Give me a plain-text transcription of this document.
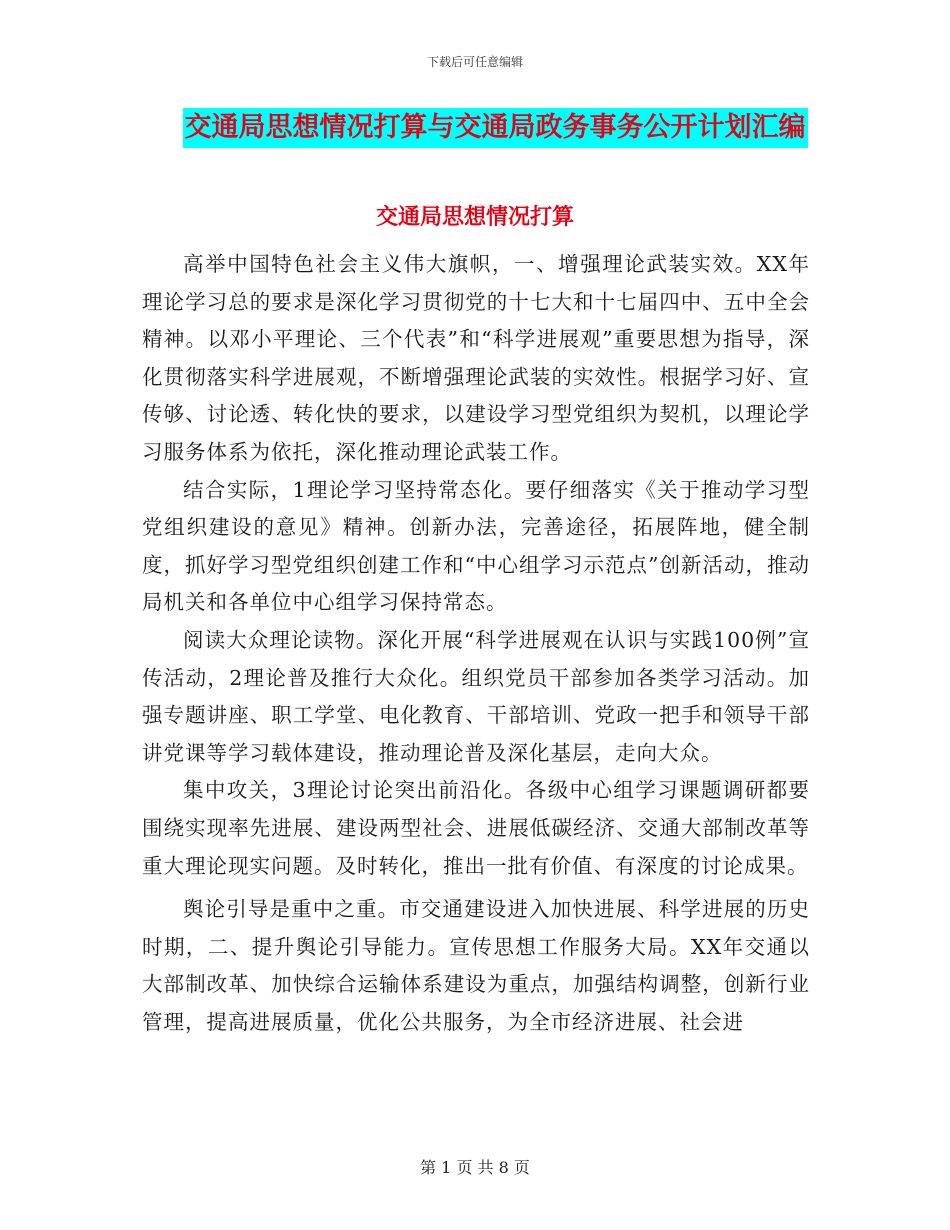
下载后可任意编辑
交通局思想情况打算与交通局政务事务公开计划汇编
交通局思想情况打算

高举中国特色社会主义伟大旗帜，一、增强理论武装实效。XX年理论学习总的要求是深化学习贯彻党的十七大和十七届四中、五中全会精神。以邓小平理论、三个代表”和“科学进展观”重要思想为指导，深化贯彻落实科学进展观，不断增强理论武装的实效性。根据学习好、宣传够、讨论透、转化快的要求，以建设学习型党组织为契机，以理论学习服务体系为依托，深化推动理论武装工作。

结合实际，1理论学习坚持常态化。要仔细落实《关于推动学习型党组织建设的意见》精神。创新办法，完善途径，拓展阵地，健全制度，抓好学习型党组织创建工作和“中心组学习示范点”创新活动，推动局机关和各单位中心组学习保持常态。

阅读大众理论读物。深化开展“科学进展观在认识与实践100例”宣传活动，2理论普及推行大众化。组织党员干部参加各类学习活动。加强专题讲座、职工学堂、电化教育、干部培训、党政一把手和领导干部讲党课等学习载体建设，推动理论普及深化基层，走向大众。

集中攻关，3理论讨论突出前沿化。各级中心组学习课题调研都要围绕实现率先进展、建设两型社会、进展低碳经济、交通大部制改革等重大理论现实问题。及时转化，推出一批有价值、有深度的讨论成果。

舆论引导是重中之重。市交通建设进入加快进展、科学进展的历史时期，二、提升舆论引导能力。宣传思想工作服务大局。XX年交通以大部制改革、加快综合运输体系建设为重点，加强结构调整，创新行业管理，提高进展质量，优化公共服务，为全市经济进展、社会进

第 1 页 共 8 页
